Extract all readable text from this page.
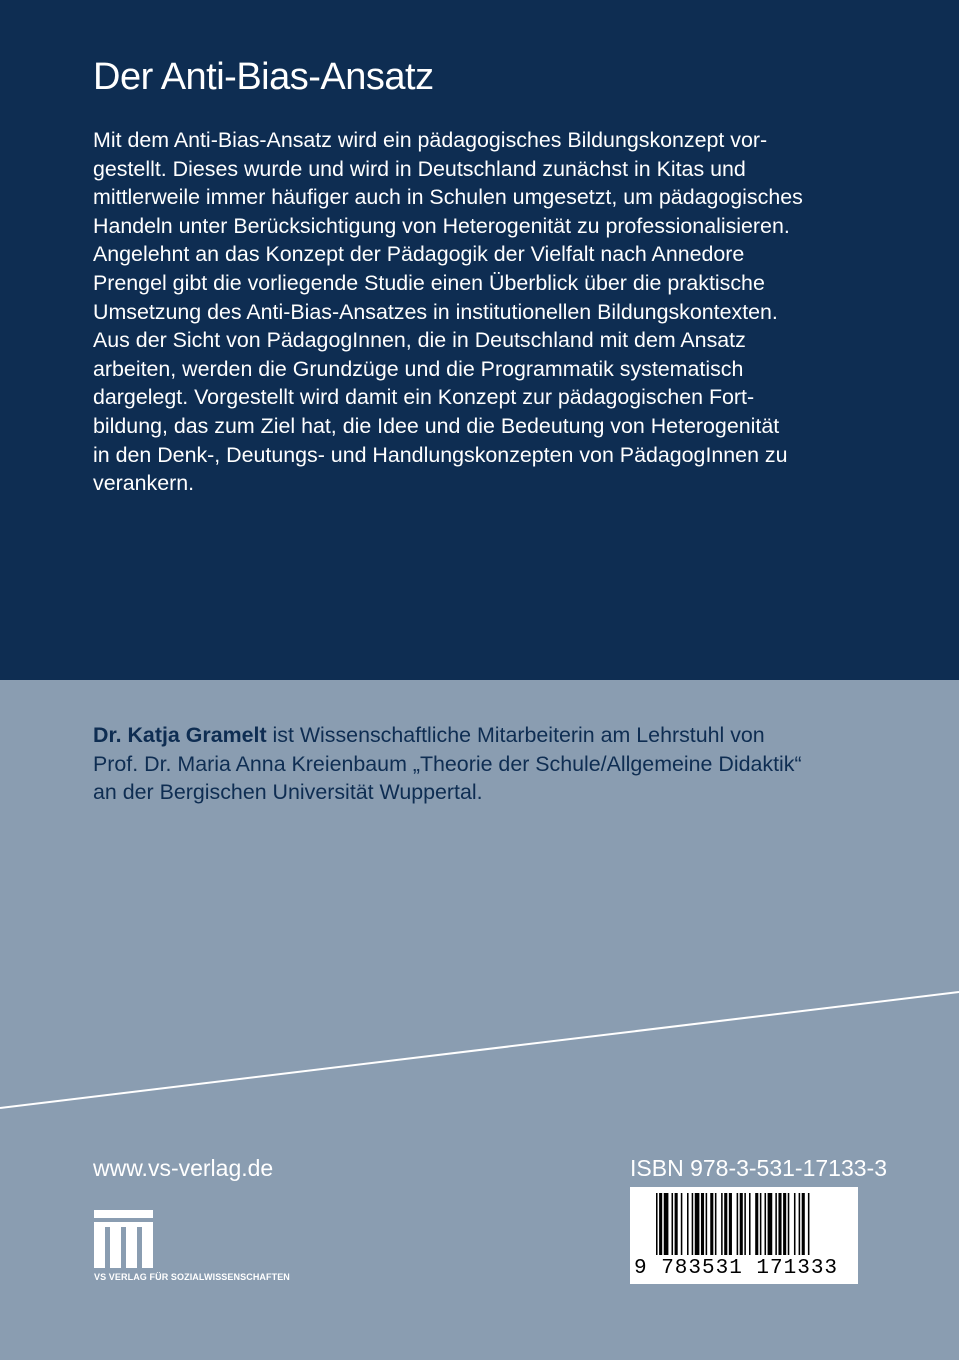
Der Anti-Bias-Ansatz
Mit dem Anti-Bias-Ansatz wird ein pädagogisches Bildungskonzept vor-
gestellt. Dieses wurde und wird in Deutschland zunächst in Kitas und
mittlerweile immer häufiger auch in Schulen umgesetzt, um pädagogisches
Handeln unter Berücksichtigung von Heterogenität zu professionalisieren.
Angelehnt an das Konzept der Pädagogik der Vielfalt nach Annedore
Prengel gibt die vorliegende Studie einen Überblick über die praktische
Umsetzung des Anti-Bias-Ansatzes in institutionellen Bildungskontexten.
Aus der Sicht von PädagogInnen, die in Deutschland mit dem Ansatz
arbeiten, werden die Grundzüge und die Programmatik systematisch
dargelegt. Vorgestellt wird damit ein Konzept zur pädagogischen Fort-
bildung, das zum Ziel hat, die Idee und die Bedeutung von Heterogenität
in den Denk-, Deutungs- und Handlungskonzepten von PädagogInnen zu
verankern.
Dr. Katja Gramelt ist Wissenschaftliche Mitarbeiterin am Lehrstuhl von
Prof. Dr. Maria Anna Kreienbaum „Theorie der Schule/Allgemeine Didaktik“
an der Bergischen Universität Wuppertal.
www.vs-verlag.de
VS VERLAG FÜR SOZIALWISSENSCHAFTEN
ISBN 978-3-531-17133-3
9 783531 171333
